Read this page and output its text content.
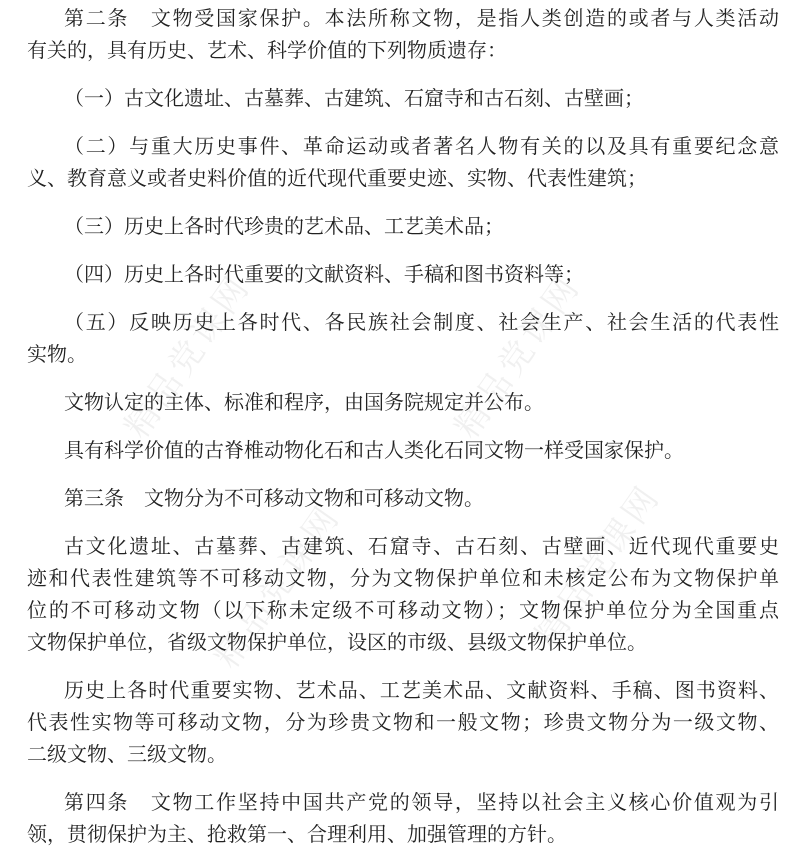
精品党课网	精品党课网
精品党课网	精品党课网
第二条　文物受国家保护。本法所称文物，是指人类创造的或者与人类活动
有关的，具有历史、艺术、科学价值的下列物质遗存：
（一）古文化遗址、古墓葬、古建筑、石窟寺和古石刻、古壁画；
（二）与重大历史事件、革命运动或者著名人物有关的以及具有重要纪念意
义、教育意义或者史料价值的近代现代重要史迹、实物、代表性建筑；
（三）历史上各时代珍贵的艺术品、工艺美术品；
（四）历史上各时代重要的文献资料、手稿和图书资料等；
（五）反映历史上各时代、各民族社会制度、社会生产、社会生活的代表性
实物。
文物认定的主体、标准和程序，由国务院规定并公布。
具有科学价值的古脊椎动物化石和古人类化石同文物一样受国家保护。
第三条　文物分为不可移动文物和可移动文物。
古文化遗址、古墓葬、古建筑、石窟寺、古石刻、古壁画、近代现代重要史
迹和代表性建筑等不可移动文物，分为文物保护单位和未核定公布为文物保护单
位的不可移动文物（以下称未定级不可移动文物）；文物保护单位分为全国重点
文物保护单位，省级文物保护单位，设区的市级、县级文物保护单位。
历史上各时代重要实物、艺术品、工艺美术品、文献资料、手稿、图书资料、
代表性实物等可移动文物，分为珍贵文物和一般文物；珍贵文物分为一级文物、
二级文物、三级文物。
第四条　文物工作坚持中国共产党的领导，坚持以社会主义核心价值观为引
领，贯彻保护为主、抢救第一、合理利用、加强管理的方针。
